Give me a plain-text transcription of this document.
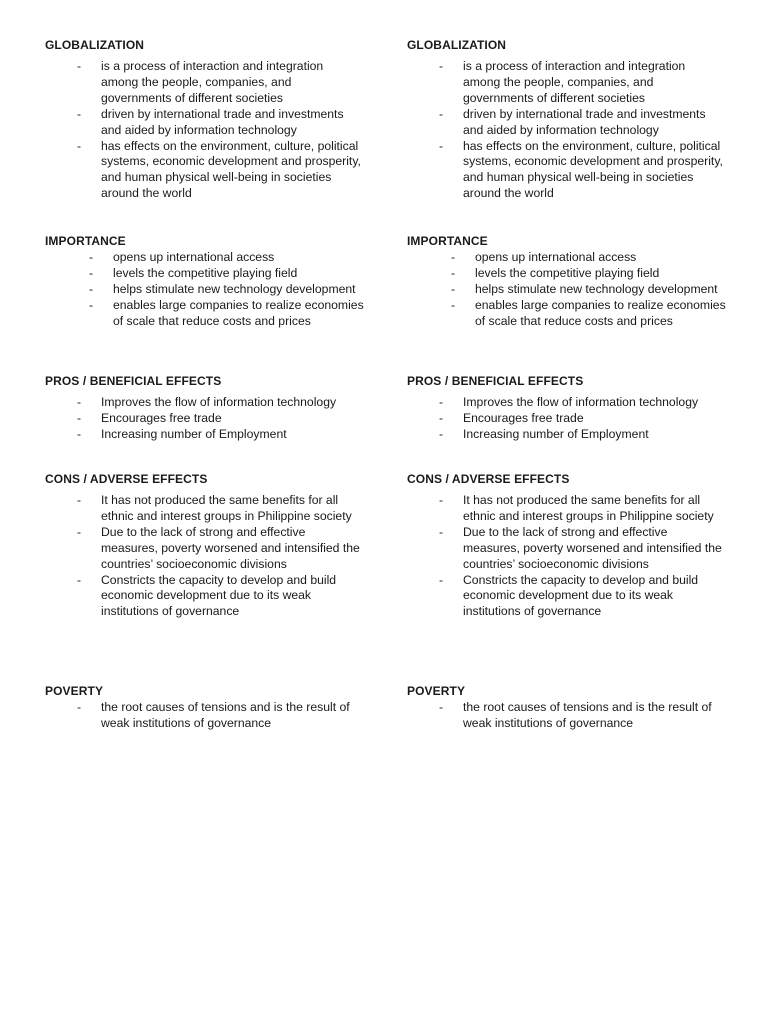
GLOBALIZATION
- is a process of interaction and integration among the people, companies, and governments of different societies
- driven by international trade and investments and aided by information technology
- has effects on the environment, culture, political systems, economic development and prosperity, and human physical well-being in societies around the world
IMPORTANCE
- opens up international access
- levels the competitive playing field
- helps stimulate new technology development
- enables large companies to realize economies of scale that reduce costs and prices
PROS / BENEFICIAL EFFECTS
- Improves the flow of information technology
- Encourages free trade
- Increasing number of Employment
CONS / ADVERSE EFFECTS
- It has not produced the same benefits for all ethnic and interest groups in Philippine society
- Due to the lack of strong and effective measures, poverty worsened and intensified the countries’ socioeconomic divisions
- Constricts the capacity to develop and build economic development due to its weak institutions of governance
POVERTY
- the root causes of tensions and is the result of weak institutions of governance
GLOBALIZATION
- is a process of interaction and integration among the people, companies, and governments of different societies
- driven by international trade and investments and aided by information technology
- has effects on the environment, culture, political systems, economic development and prosperity, and human physical well-being in societies around the world
IMPORTANCE
- opens up international access
- levels the competitive playing field
- helps stimulate new technology development
- enables large companies to realize economies of scale that reduce costs and prices
PROS / BENEFICIAL EFFECTS
- Improves the flow of information technology
- Encourages free trade
- Increasing number of Employment
CONS / ADVERSE EFFECTS
- It has not produced the same benefits for all ethnic and interest groups in Philippine society
- Due to the lack of strong and effective measures, poverty worsened and intensified the countries’ socioeconomic divisions
- Constricts the capacity to develop and build economic development due to its weak institutions of governance
POVERTY
- the root causes of tensions and is the result of weak institutions of governance
